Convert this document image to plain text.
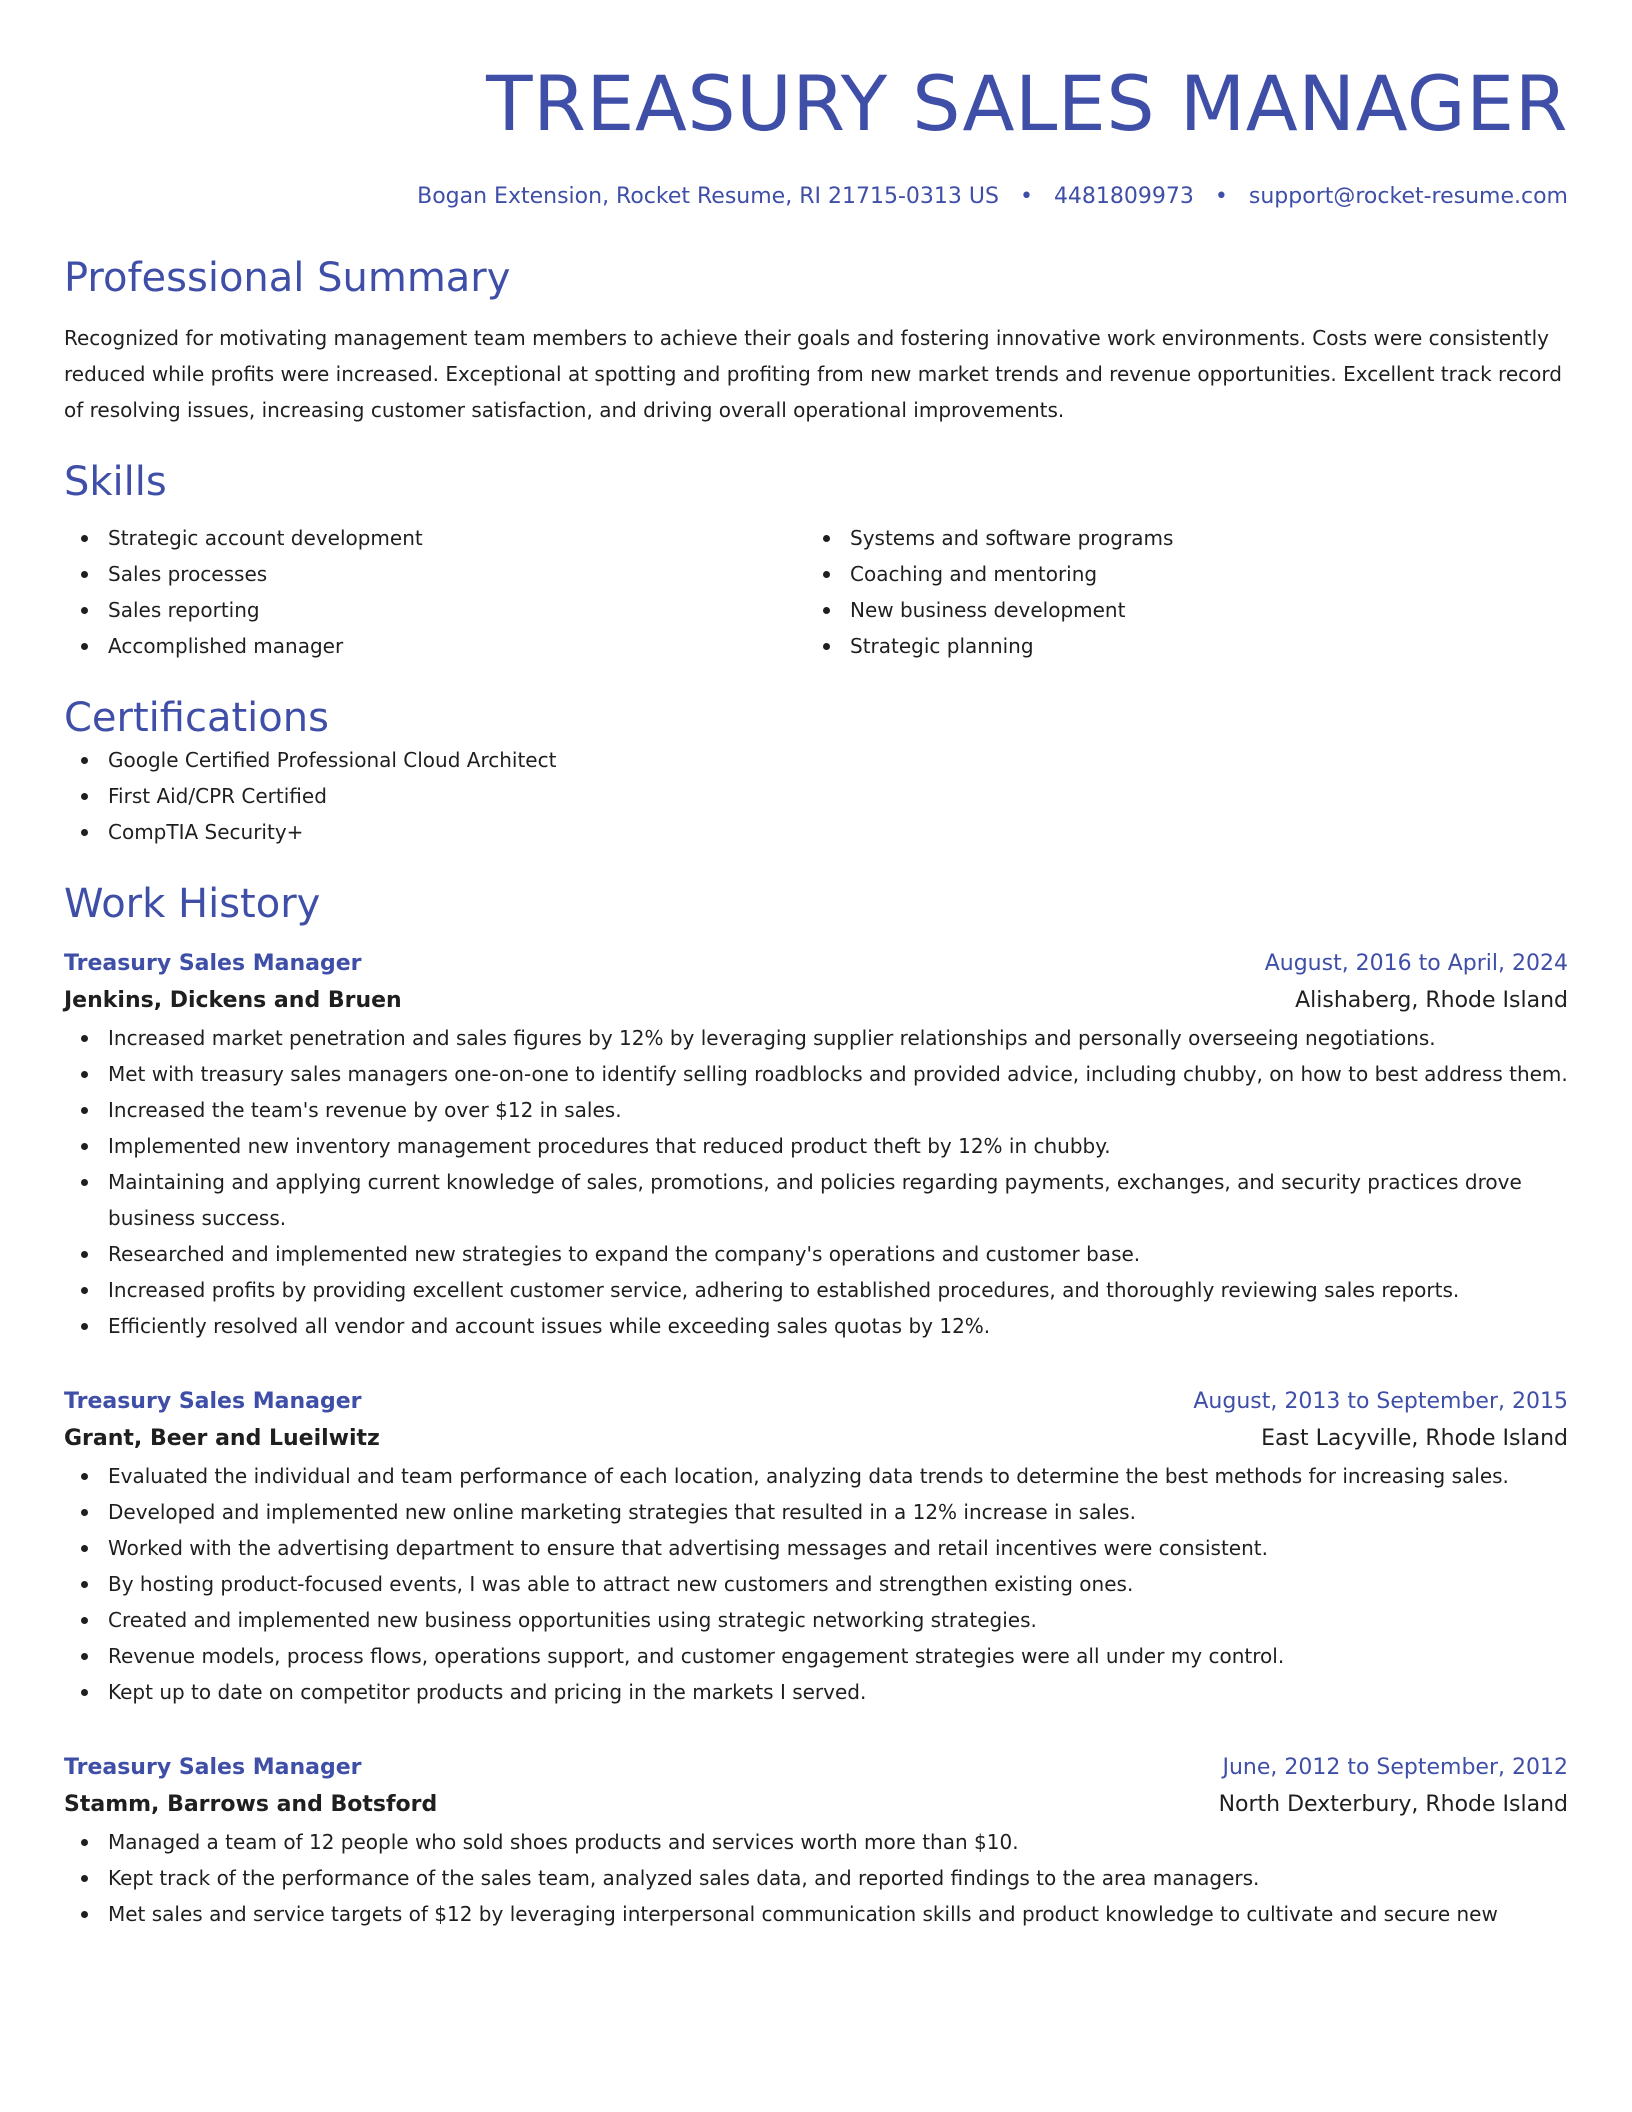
TREASURY SALES MANAGER
Bogan Extension, Rocket Resume, RI 21715-0313 US • 4481809973 • support@rocket-resume.com
Professional Summary
Recognized for motivating management team members to achieve their goals and fostering innovative work environments. Costs were consistently reduced while profits were increased. Exceptional at spotting and profiting from new market trends and revenue opportunities. Excellent track record of resolving issues, increasing customer satisfaction, and driving overall operational improvements.
Skills
Strategic account development
Sales processes
Sales reporting
Accomplished manager
Systems and software programs
Coaching and mentoring
New business development
Strategic planning
Certifications
Google Certified Professional Cloud Architect
First Aid/CPR Certified
CompTIA Security+
Work History
Treasury Sales Manager	August, 2016 to April, 2024
Jenkins, Dickens and Bruen	Alishaberg, Rhode Island
Increased market penetration and sales figures by 12% by leveraging supplier relationships and personally overseeing negotiations.
Met with treasury sales managers one-on-one to identify selling roadblocks and provided advice, including chubby, on how to best address them.
Increased the team's revenue by over $12 in sales.
Implemented new inventory management procedures that reduced product theft by 12% in chubby.
Maintaining and applying current knowledge of sales, promotions, and policies regarding payments, exchanges, and security practices drove business success.
Researched and implemented new strategies to expand the company's operations and customer base.
Increased profits by providing excellent customer service, adhering to established procedures, and thoroughly reviewing sales reports.
Efficiently resolved all vendor and account issues while exceeding sales quotas by 12%.
Treasury Sales Manager	August, 2013 to September, 2015
Grant, Beer and Lueilwitz	East Lacyville, Rhode Island
Evaluated the individual and team performance of each location, analyzing data trends to determine the best methods for increasing sales.
Developed and implemented new online marketing strategies that resulted in a 12% increase in sales.
Worked with the advertising department to ensure that advertising messages and retail incentives were consistent.
By hosting product-focused events, I was able to attract new customers and strengthen existing ones.
Created and implemented new business opportunities using strategic networking strategies.
Revenue models, process flows, operations support, and customer engagement strategies were all under my control.
Kept up to date on competitor products and pricing in the markets I served.
Treasury Sales Manager	June, 2012 to September, 2012
Stamm, Barrows and Botsford	North Dexterbury, Rhode Island
Managed a team of 12 people who sold shoes products and services worth more than $10.
Kept track of the performance of the sales team, analyzed sales data, and reported findings to the area managers.
Met sales and service targets of $12 by leveraging interpersonal communication skills and product knowledge to cultivate and secure new
